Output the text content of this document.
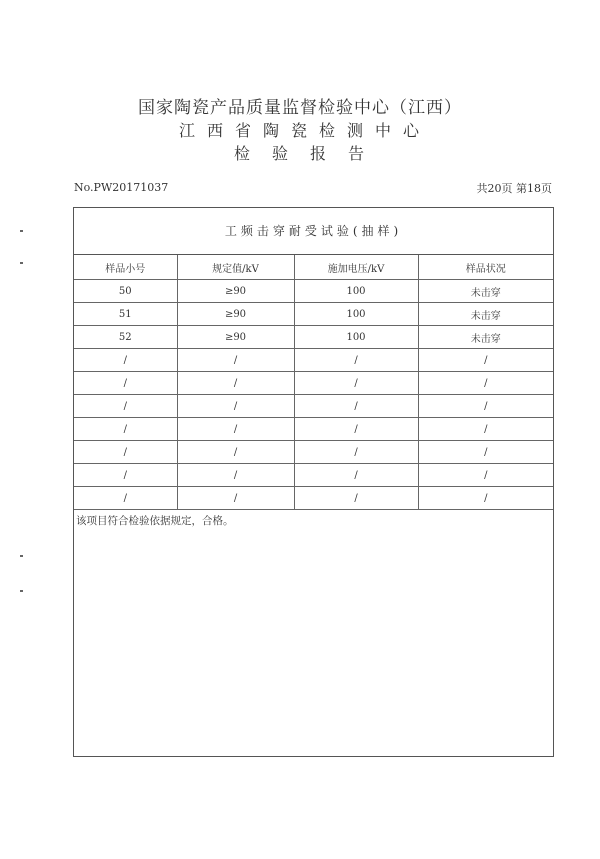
国家陶瓷产品质量监督检验中心（江西）
江西省陶瓷检测中心
检验报告
No.PW20171037	共20页 第18页
工频击穿耐受试验(抽样)
样品小号	规定值/kV	施加电压/kV	样品状况
50	≥90	100	未击穿
51	≥90	100	未击穿
52	≥90	100	未击穿
/	/	/	/
/	/	/	/
/	/	/	/
/	/	/	/
/	/	/	/
/	/	/	/
/	/	/	/
该项目符合检验依据规定，合格。
